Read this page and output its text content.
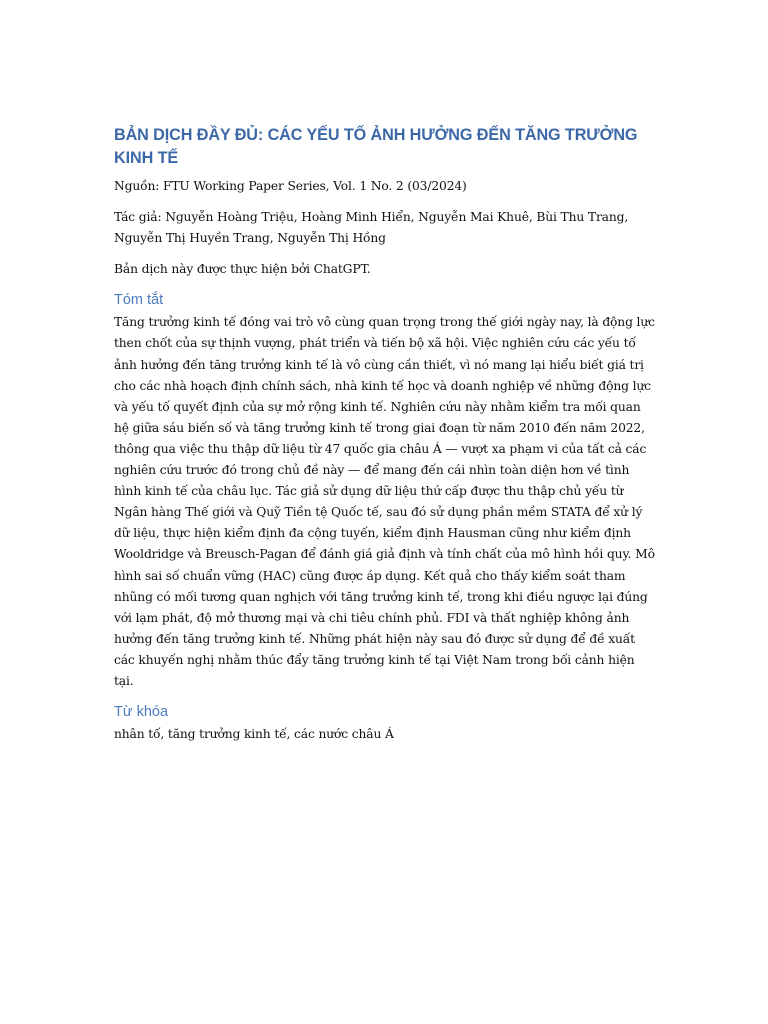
BẢN DỊCH ĐẦY ĐỦ: CÁC YẾU TỐ ẢNH HƯỞNG ĐẾN TĂNG TRƯỞNG KINH TẾ

Nguồn: FTU Working Paper Series, Vol. 1 No. 2 (03/2024)

Tác giả: Nguyễn Hoàng Triệu, Hoàng Minh Hiển, Nguyễn Mai Khuê, Bùi Thu Trang, Nguyễn Thị Huyền Trang, Nguyễn Thị Hồng

Bản dịch này được thực hiện bởi ChatGPT.

Tóm tắt

Tăng trưởng kinh tế đóng vai trò vô cùng quan trọng trong thế giới ngày nay, là động lực then chốt của sự thịnh vượng, phát triển và tiến bộ xã hội. Việc nghiên cứu các yếu tố ảnh hưởng đến tăng trưởng kinh tế là vô cùng cần thiết, vì nó mang lại hiểu biết giá trị cho các nhà hoạch định chính sách, nhà kinh tế học và doanh nghiệp về những động lực và yếu tố quyết định của sự mở rộng kinh tế. Nghiên cứu này nhằm kiểm tra mối quan hệ giữa sáu biến số và tăng trưởng kinh tế trong giai đoạn từ năm 2010 đến năm 2022, thông qua việc thu thập dữ liệu từ 47 quốc gia châu Á — vượt xa phạm vi của tất cả các nghiên cứu trước đó trong chủ đề này — để mang đến cái nhìn toàn diện hơn về tình hình kinh tế của châu lục. Tác giả sử dụng dữ liệu thứ cấp được thu thập chủ yếu từ Ngân hàng Thế giới và Quỹ Tiền tệ Quốc tế, sau đó sử dụng phần mềm STATA để xử lý dữ liệu, thực hiện kiểm định đa cộng tuyến, kiểm định Hausman cũng như kiểm định Wooldridge và Breusch-Pagan để đánh giá giả định và tính chất của mô hình hồi quy. Mô hình sai số chuẩn vững (HAC) cũng được áp dụng. Kết quả cho thấy kiểm soát tham nhũng có mối tương quan nghịch với tăng trưởng kinh tế, trong khi điều ngược lại đúng với lạm phát, độ mở thương mại và chi tiêu chính phủ. FDI và thất nghiệp không ảnh hưởng đến tăng trưởng kinh tế. Những phát hiện này sau đó được sử dụng để đề xuất các khuyến nghị nhằm thúc đẩy tăng trưởng kinh tế tại Việt Nam trong bối cảnh hiện tại.

Từ khóa

nhân tố, tăng trưởng kinh tế, các nước châu Á
